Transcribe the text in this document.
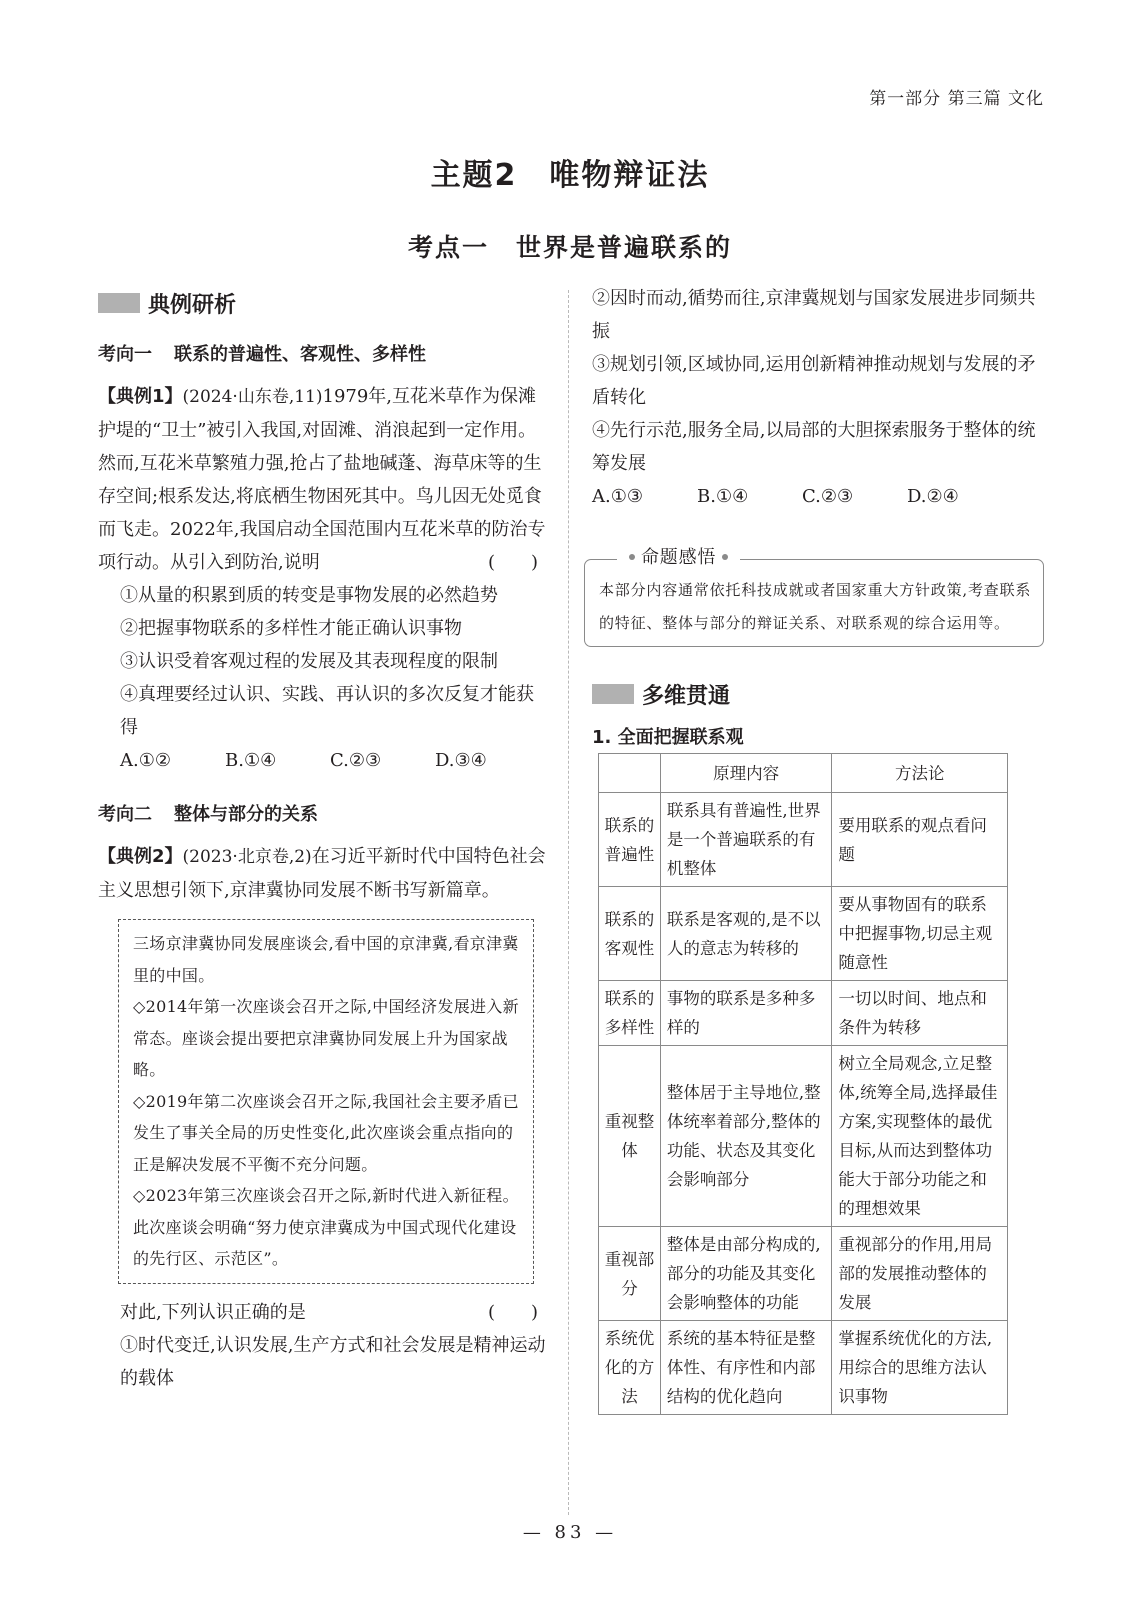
第一部分 第三篇 文化
主题2　唯物辩证法
考点一　世界是普遍联系的
典例研析
考向一 联系的普遍性、客观性、多样性

【典例1】(2024·山东卷,11)1979年,互花米草作为保滩护堤的“卫士”被引入我国,对固滩、消浪起到一定作用。然而,互花米草繁殖力强,抢占了盐地碱蓬、海草床等的生存空间;根系发达,将底栖生物困死其中。鸟儿因无处觅食而飞走。2022年,我国启动全国范围内互花米草的防治专项行动。从引入到防治,说明	(　　)

①从量的积累到质的转变是事物发展的必然趋势

②把握事物联系的多样性才能正确认识事物

③认识受着客观过程的发展及其表现程度的限制

④真理要经过认识、实践、再认识的多次反复才能获得

A.①②	B.①④	C.②③	D.③④
考向二 整体与部分的关系

【典例2】(2023·北京卷,2)在习近平新时代中国特色社会主义思想引领下,京津冀协同发展不断书写新篇章。

三场京津冀协同发展座谈会,看中国的京津冀,看京津冀里的中国。
◇2014年第一次座谈会召开之际,中国经济发展进入新常态。座谈会提出要把京津冀协同发展上升为国家战略。
◇2019年第二次座谈会召开之际,我国社会主要矛盾已发生了事关全局的历史性变化,此次座谈会重点指向的正是解决发展不平衡不充分问题。
◇2023年第三次座谈会召开之际,新时代进入新征程。此次座谈会明确“努力使京津冀成为中国式现代化建设的先行区、示范区”。

对此,下列认识正确的是	(　　)

①时代变迁,认识发展,生产方式和社会发展是精神运动的载体

②因时而动,循势而往,京津冀规划与国家发展进步同频共振

③规划引领,区域协同,运用创新精神推动规划与发展的矛盾转化

④先行示范,服务全局,以局部的大胆探索服务于整体的统筹发展

A.①③	B.①④	C.②③	D.②④
命题感悟
本部分内容通常依托科技成就或者国家重大方针政策,考查联系的特征、整体与部分的辩证关系、对联系观的综合运用等。
多维贯通
1. 全面把握联系观
	原理内容	方法论
联系的普遍性	联系具有普遍性,世界是一个普遍联系的有机整体	要用联系的观点看问题
联系的客观性	联系是客观的,是不以人的意志为转移的	要从事物固有的联系中把握事物,切忌主观随意性
联系的多样性	事物的联系是多种多样的	一切以时间、地点和条件为转移
重视整体	整体居于主导地位,整体统率着部分,整体的功能、状态及其变化会影响部分	树立全局观念,立足整体,统筹全局,选择最佳方案,实现整体的最优目标,从而达到整体功能大于部分功能之和的理想效果
重视部分	整体是由部分构成的,部分的功能及其变化会影响整体的功能	重视部分的作用,用局部的发展推动整体的发展
系统优化的方法	系统的基本特征是整体性、有序性和内部结构的优化趋向	掌握系统优化的方法,用综合的思维方法认识事物
— 83 —
